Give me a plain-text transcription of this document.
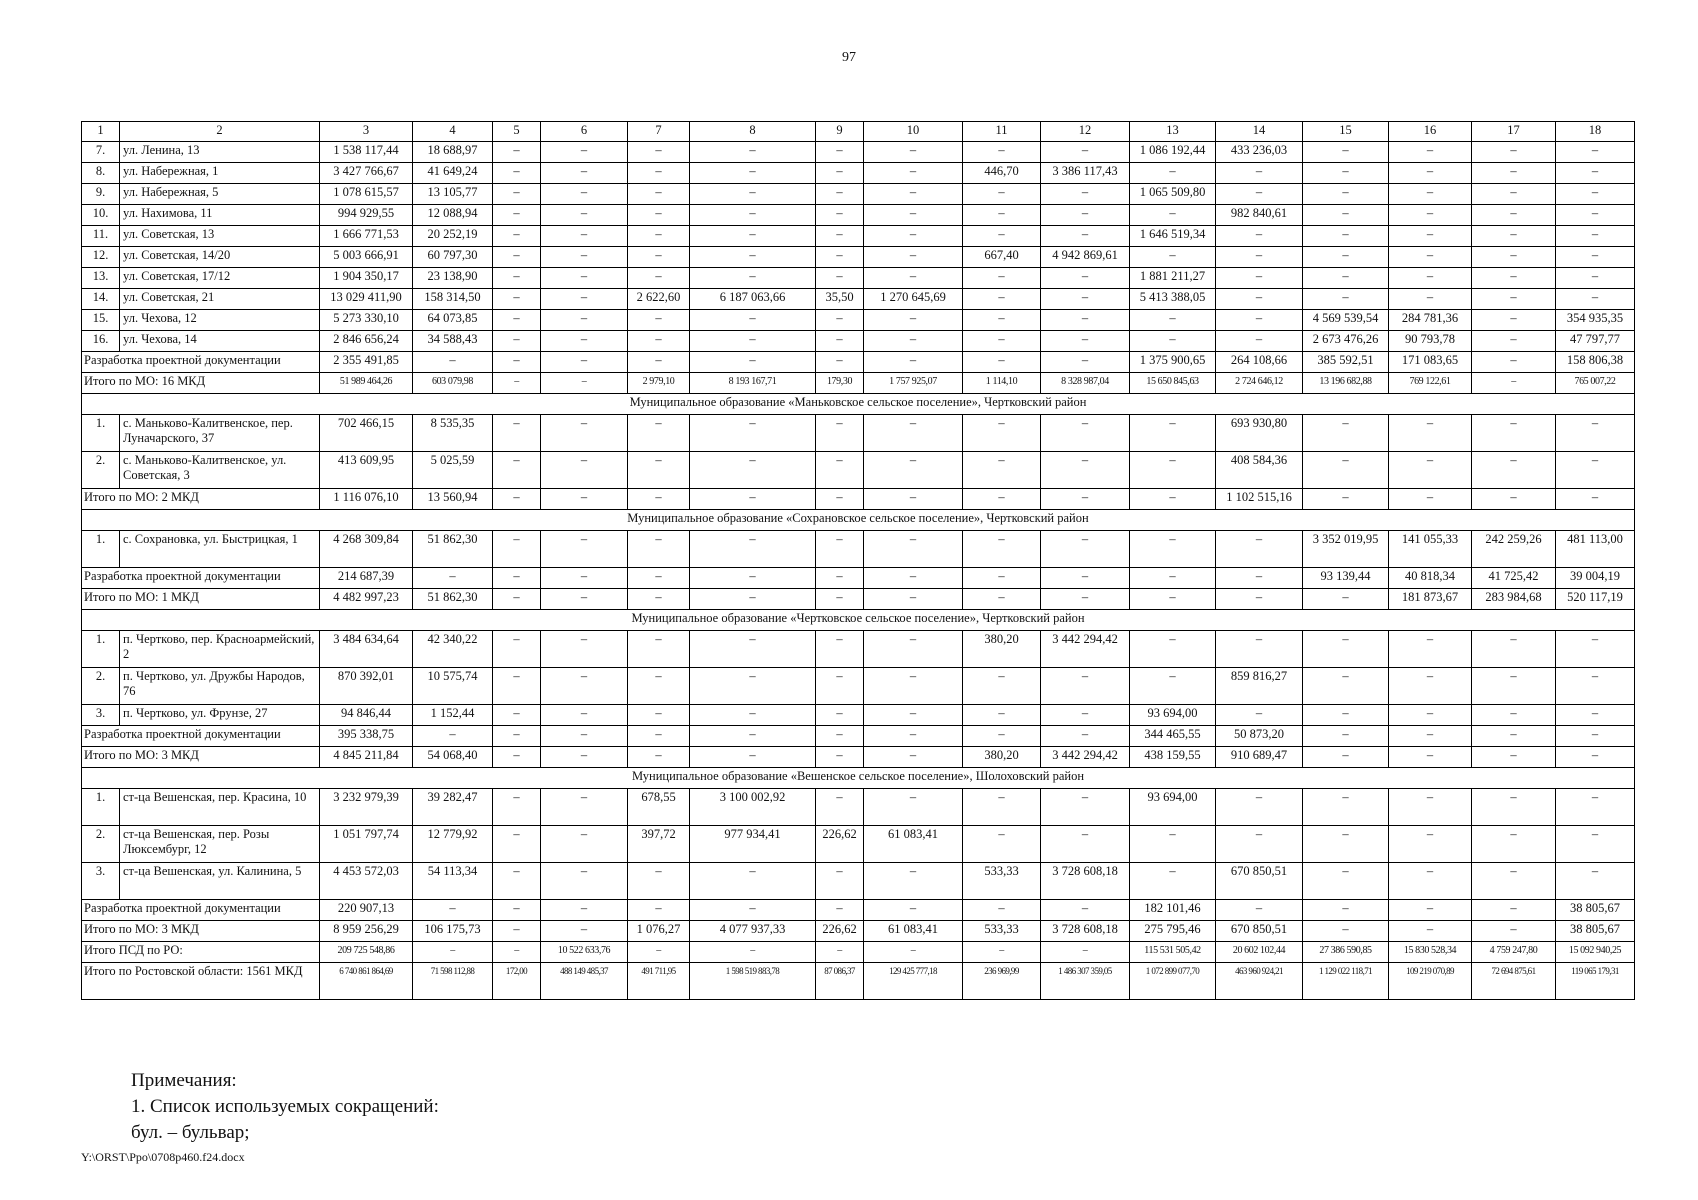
97
1	2	3	4	5	6	7	8	9	10	11	12	13	14	15	16	17	18
7.	ул. Ленина, 13	1 538 117,44	18 688,97	–	–	–	–	–	–	–	–	1 086 192,44	433 236,03	–	–	–	–
8.	ул. Набережная, 1	3 427 766,67	41 649,24	–	–	–	–	–	–	446,70	3 386 117,43	–	–	–	–	–	–
9.	ул. Набережная, 5	1 078 615,57	13 105,77	–	–	–	–	–	–	–	–	1 065 509,80	–	–	–	–	–
10.	ул. Нахимова, 11	994 929,55	12 088,94	–	–	–	–	–	–	–	–	–	982 840,61	–	–	–	–
11.	ул. Советская, 13	1 666 771,53	20 252,19	–	–	–	–	–	–	–	–	1 646 519,34	–	–	–	–	–
12.	ул. Советская, 14/20	5 003 666,91	60 797,30	–	–	–	–	–	–	667,40	4 942 869,61	–	–	–	–	–	–
13.	ул. Советская, 17/12	1 904 350,17	23 138,90	–	–	–	–	–	–	–	–	1 881 211,27	–	–	–	–	–
14.	ул. Советская, 21	13 029 411,90	158 314,50	–	–	2 622,60	6 187 063,66	35,50	1 270 645,69	–	–	5 413 388,05	–	–	–	–	–
15.	ул. Чехова, 12	5 273 330,10	64 073,85	–	–	–	–	–	–	–	–	–	–	4 569 539,54	284 781,36	–	354 935,35
16.	ул. Чехова, 14	2 846 656,24	34 588,43	–	–	–	–	–	–	–	–	–	–	2 673 476,26	90 793,78	–	47 797,77
Разработка проектной документации		2 355 491,85	–	–	–	–	–	–	–	–	–	1 375 900,65	264 108,66	385 592,51	171 083,65	–	158 806,38
Итого по МО: 16 МКД		51 989 464,26	603 079,98	–	–	2 979,10	8 193 167,71	179,30	1 757 925,07	1 114,10	8 328 987,04	15 650 845,63	2 724 646,12	13 196 682,88	769 122,61	–	765 007,22
Муниципальное образование «Маньковское сельское поселение», Чертковский район																	
1.	с. Маньково-Калитвенское, пер. Луначарского, 37	702 466,15	8 535,35	–	–	–	–	–	–	–	–	–	693 930,80	–	–	–	–
2.	с. Маньково-Калитвенское, ул. Советская, 3	413 609,95	5 025,59	–	–	–	–	–	–	–	–	–	408 584,36	–	–	–	–
Итого по МО: 2 МКД		1 116 076,10	13 560,94	–	–	–	–	–	–	–	–	–	1 102 515,16	–	–	–	–
Муниципальное образование «Сохрановское сельское поселение», Чертковский район																	
1.	с. Сохрановка, ул. Быстрицкая, 1	4 268 309,84	51 862,30	–	–	–	–	–	–	–	–	–	–	3 352 019,95	141 055,33	242 259,26	481 113,00
Разработка проектной документации		214 687,39	–	–	–	–	–	–	–	–	–	–	–	93 139,44	40 818,34	41 725,42	39 004,19
Итого по МО: 1 МКД		4 482 997,23	51 862,30	–	–	–	–	–	–	–	–	–	–	–	181 873,67	283 984,68	520 117,19
Муниципальное образование «Чертковское сельское поселение», Чертковский район																	
1.	п. Чертково, пер. Красноармейский, 2	3 484 634,64	42 340,22	–	–	–	–	–	–	380,20	3 442 294,42	–	–	–	–	–	–
2.	п. Чертково, ул. Дружбы Народов, 76	870 392,01	10 575,74	–	–	–	–	–	–	–	–	–	859 816,27	–	–	–	–
3.	п. Чертково, ул. Фрунзе, 27	94 846,44	1 152,44	–	–	–	–	–	–	–	–	93 694,00	–	–	–	–	–
Разработка проектной документации		395 338,75	–	–	–	–	–	–	–	–	–	344 465,55	50 873,20	–	–	–	–
Итого по МО: 3 МКД		4 845 211,84	54 068,40	–	–	–	–	–	–	380,20	3 442 294,42	438 159,55	910 689,47	–	–	–	–
Муниципальное образование «Вешенское сельское поселение», Шолоховский район																	
1.	ст-ца Вешенская, пер. Красина, 10	3 232 979,39	39 282,47	–	–	678,55	3 100 002,92	–	–	–	–	93 694,00	–	–	–	–	–
2.	ст-ца Вешенская, пер. Розы Люксембург, 12	1 051 797,74	12 779,92	–	–	397,72	977 934,41	226,62	61 083,41	–	–	–	–	–	–	–	–
3.	ст-ца Вешенская, ул. Калинина, 5	4 453 572,03	54 113,34	–	–	–	–	–	–	533,33	3 728 608,18	–	670 850,51	–	–	–	–
Разработка проектной документации		220 907,13	–	–	–	–	–	–	–	–	–	182 101,46	–	–	–	–	38 805,67
Итого по МО: 3 МКД		8 959 256,29	106 175,73	–	–	1 076,27	4 077 937,33	226,62	61 083,41	533,33	3 728 608,18	275 795,46	670 850,51	–	–	–	38 805,67
Итого ПСД по РО:		209 725 548,86	–	–	10 522 633,76	–	–	–	–	–	–	115 531 505,42	20 602 102,44	27 386 590,85	15 830 528,34	4 759 247,80	15 092 940,25
Итого по Ростовской области: 1561 МКД		6 740 861 864,69	71 598 112,88	172,00	488 149 485,37	491 711,95	1 598 519 883,78	87 086,37	129 425 777,18	236 969,99	1 486 307 359,05	1 072 899 077,70	463 960 924,21	1 129 022 118,71	109 219 070,89	72 694 875,61	119 065 179,31
Примечания:
1. Список используемых сокращений:
бул. – бульвар;
Y:\ORST\Ppo\0708p460.f24.docx
